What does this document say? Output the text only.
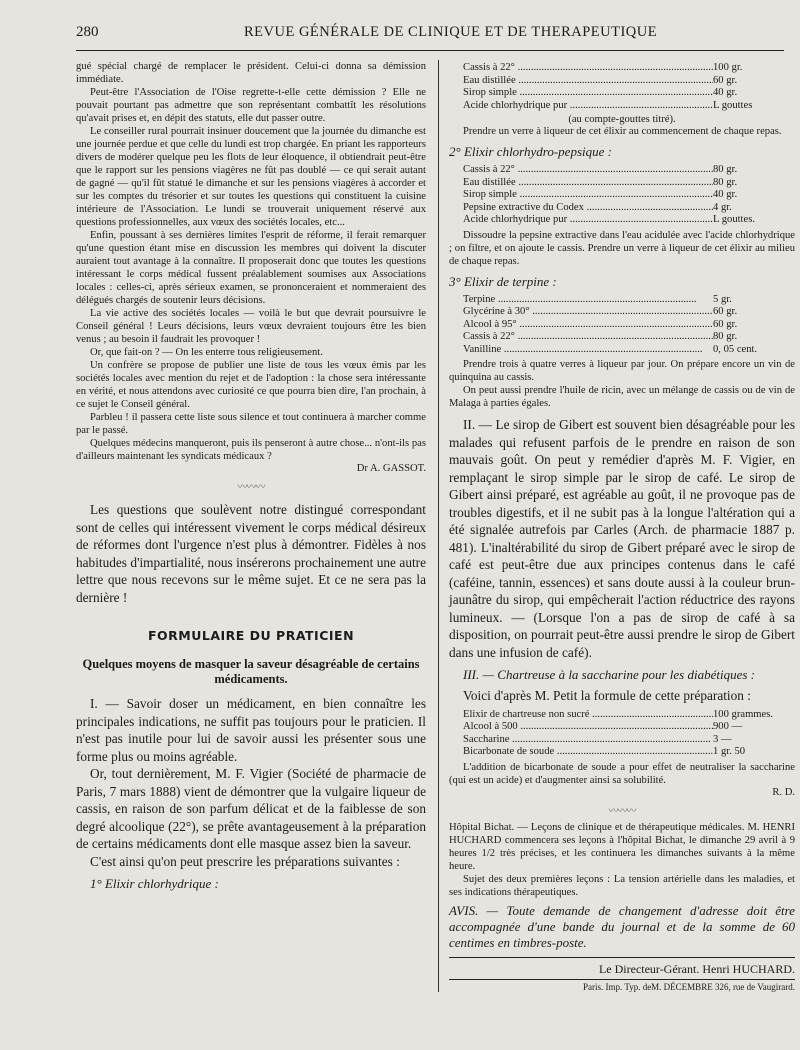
280	REVUE GÉNÉRALE DE CLINIQUE ET DE THERAPEUTIQUE

gué spécial chargé de remplacer le président. Celui-ci donna sa démission immédiate.

Peut-être l'Association de l'Oise regrette-t-elle cette démission ? Elle ne pouvait pourtant pas admettre que son représentant combattît les résolutions qu'avait prises et, en dépit des statuts, elle dut passer outre.

Le conseiller rural pourrait insinuer doucement que la journée du dimanche est une journée perdue et que celle du lundi est trop chargée. En priant les rapporteurs divers de modérer quelque peu les flots de leur éloquence, il obtiendrait peut-être que le rapport sur les pensions viagères ne fût pas doublé — ce qui serait autant de gagné — qu'il fût statué le dimanche et sur les pensions viagères à accorder et sur les comptes du trésorier et sur toutes les questions qui constituent la cuisine intérieure de l'Association. Le lundi se trouverait uniquement réservé aux questions professionnelles, aux vœux des sociétés locales, etc...

Enfin, poussant à ses dernières limites l'esprit de réforme, il ferait remarquer qu'une question étant mise en discussion les membres qui doivent la discuter auraient tout avantage à la connaître. Il proposerait donc que toutes les questions intéressant le corps médical fussent préalablement soumises aux Associations locales : celles-ci, après sérieux examen, se prononceraient et nommeraient des délégués chargés de soutenir leurs décisions.

La vie active des sociétés locales — voilà le but que devrait poursuivre le Conseil général ! Leurs décisions, leurs vœux devraient toujours être les bien venus ; au besoin il faudrait les provoquer !

Or, que fait-on ? — On les enterre tous religieusement.

Un confrère se propose de publier une liste de tous les vœux émis par les sociétés locales avec mention du rejet et de l'adoption : la chose sera intéressante en vérité, et nous attendons avec curiosité ce que pourra bien dire, l'an prochain, à ce sujet le Conseil général.

Parbleu ! il passera cette liste sous silence et tout continuera à marcher comme par le passé.

Quelques médecins manqueront, puis ils penseront à autre chose... n'ont-ils pas d'ailleurs maintenant les syndicats médicaux ?

Dr A. GASSOT.

〰〰〰

Les questions que soulèvent notre distingué correspondant sont de celles qui intéressent vivement le corps médical désireux de réformes dont l'urgence n'est plus à démontrer. Fidèles à nos habitudes d'impartialité, nous insérerons prochainement une autre lettre que nous recevons sur le même sujet. Et ce ne sera pas la dernière !

FORMULAIRE DU PRATICIEN
Quelques moyens de masquer la saveur désagréable de certains médicaments.

I. — Savoir doser un médicament, en bien connaître les principales indications, ne suffit pas toujours pour le praticien. Il n'est pas inutile pour lui de savoir aussi les présenter sous une forme plus ou moins agréable.

Or, tout dernièrement, M. F. Vigier (Société de pharmacie de Paris, 7 mars 1888) vient de démontrer que la vulgaire liqueur de cassis, en raison de son parfum délicat et de la faiblesse de son degré alcoolique (22°), se prête avantageusement à la préparation de certains médicaments dont elle masque assez bien la saveur.

C'est ainsi qu'on peut prescrire les préparations suivantes :

1° Elixir chlorhydrique :

Cassis à 22° .....	100 gr.
Eau distillée .....	60 gr.
Sirop simple .....	40 gr.
Acide chlorhydrique pur .....	L gouttes

(au compte-gouttes titré).

Prendre un verre à liqueur de cet élixir au commencement de chaque repas.

2° Elixir chlorhydro-pepsique :

Cassis à 22° .....	80 gr.
Eau distillée .....	80 gr.
Sirop simple .....	40 gr.
Pepsine extractive du Codex .....	4 gr.
Acide chlorhydrique pur .....	L gouttes.

Dissoudre la pepsine extractive dans l'eau acidulée avec l'acide chlorhydrique ; on filtre, et on ajoute le cassis. Prendre un verre à liqueur de cet élixir au milieu de chaque repas.

3° Elixir de terpine :

Terpine .....	5 gr.
Glycérine à 30° .....	60 gr.
Alcool à 95° .....	60 gr.
Cassis à 22° .....	80 gr.
Vanilline .....	0, 05 cent.

Prendre trois à quatre verres à liqueur par jour. On prépare encore un vin de quinquina au cassis.

On peut aussi prendre l'huile de ricin, avec un mélange de cassis ou de vin de Malaga à parties égales.

II. — Le sirop de Gibert est souvent bien désagréable pour les malades qui refusent parfois de le prendre en raison de son mauvais goût. On peut y remédier d'après M. F. Vigier, en remplaçant le sirop simple par le sirop de café. Le sirop de Gibert ainsi préparé, est agréable au goût, il ne provoque pas de troubles digestifs, et il ne subit pas à la longue l'altération qui a été signalée autrefois par Carles (Arch. de pharmacie 1887 p. 481). L'inaltérabilité du sirop de Gibert préparé avec le sirop de café est peut-être due aux principes contenus dans le café (caféine, tannin, essences) et sans doute aussi à la couleur brun-jaunâtre du sirop, qui empêcherait l'action réductrice des rayons lumineux. — (Lorsque l'on a pas de sirop de café à sa disposition, on pourrait peut-être aussi prendre le sirop de Gibert dans une infusion de café).

III. — Chartreuse à la saccharine pour les diabétiques :

Voici d'après M. Petit la formule de cette préparation :

Elixir de chartreuse non sucré .....	100 grammes.
Alcool à 500 .....	900 —
Saccharine .....	3 —
Bicarbonate de soude .....	1 gr. 50

L'addition de bicarbonate de soude a pour effet de neutraliser la saccharine (qui est un acide) et d'augmenter ainsi sa solubilité.

R. D.

〰〰〰

Hôpital Bichat. — Leçons de clinique et de thérapeutique médicales. M. HENRI HUCHARD commencera ses leçons à l'hôpital Bichat, le dimanche 29 avril à 9 heures 1/2 très précises, et les continuera les dimanches suivants à la même heure.

Sujet des deux premières leçons : La tension artérielle dans les maladies, et ses indications thérapeutiques.

AVIS. — Toute demande de changement d'adresse doit être accompagnée d'une bande du journal et de la somme de 60 centimes en timbres-poste.

Le Directeur-Gérant. Henri HUCHARD.

Paris. Imp. Typ. deM. DÉCEMBRE 326, rue de Vaugirard.
